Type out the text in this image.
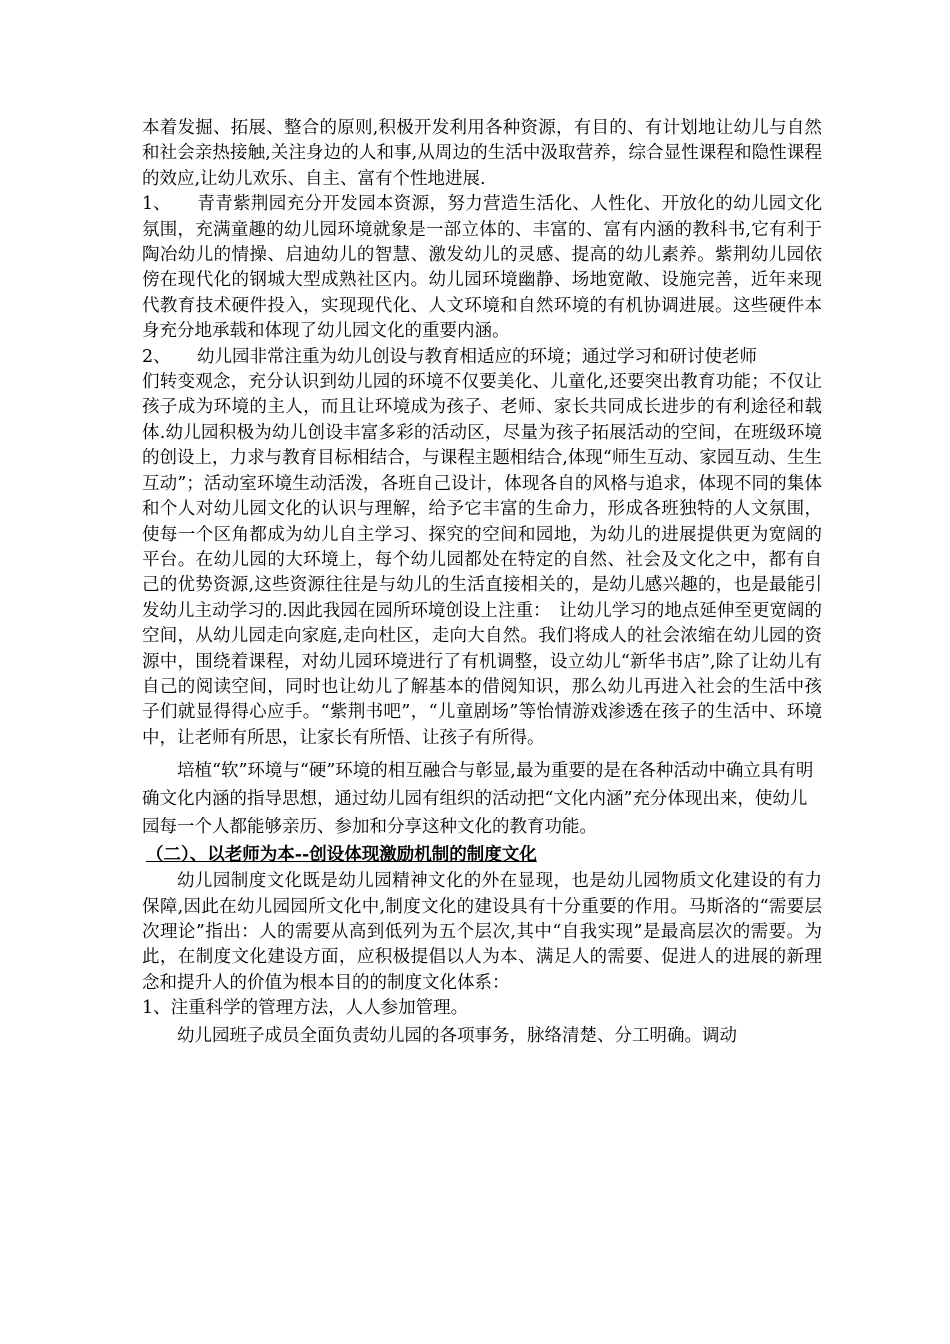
本着发掘、拓展、整合的原则,积极开发利用各种资源，有目的、有计划地让幼儿与自然和社会亲热接触,关注身边的人和事,从周边的生活中汲取营养，综合显性课程和隐性课程的效应,让幼儿欢乐、自主、富有个性地进展.

1、 青青紫荆园充分开发园本资源，努力营造生活化、人性化、开放化的幼儿园文化氛围，充满童趣的幼儿园环境就象是一部立体的、丰富的、富有内涵的教科书,它有利于陶冶幼儿的情操、启迪幼儿的智慧、激发幼儿的灵感、提高的幼儿素养。紫荆幼儿园依傍在现代化的钢城大型成熟社区内。幼儿园环境幽静、场地宽敞、设施完善，近年来现代教育技术硬件投入，实现现代化、人文环境和自然环境的有机协调进展。这些硬件本身充分地承载和体现了幼儿园文化的重要内涵。

2、 幼儿园非常注重为幼儿创设与教育相适应的环境；通过学习和研讨使老师

们转变观念，充分认识到幼儿园的环境不仅要美化、儿童化,还要突出教育功能；不仅让孩子成为环境的主人，而且让环境成为孩子、老师、家长共同成长进步的有利途径和载体.幼儿园积极为幼儿创设丰富多彩的活动区，尽量为孩子拓展活动的空间，在班级环境的创设上，力求与教育目标相结合，与课程主题相结合,体现“师生互动、家园互动、生生互动”；活动室环境生动活泼，各班自己设计，体现各自的风格与追求，体现不同的集体和个人对幼儿园文化的认识与理解，给予它丰富的生命力，形成各班独特的人文氛围，使每一个区角都成为幼儿自主学习、探究的空间和园地，为幼儿的进展提供更为宽阔的平台。在幼儿园的大环境上，每个幼儿园都处在特定的自然、社会及文化之中，都有自己的优势资源,这些资源往往是与幼儿的生活直接相关的，是幼儿感兴趣的，也是最能引发幼儿主动学习的.因此我园在园所环境创设上注重：　让幼儿学习的地点延伸至更宽阔的空间，从幼儿园走向家庭,走向杜区，走向大自然。我们将成人的社会浓缩在幼儿园的资源中，围绕着课程，对幼儿园环境进行了有机调整，设立幼儿“新华书店”,除了让幼儿有自己的阅读空间，同时也让幼儿了解基本的借阅知识，那么幼儿再进入社会的生活中孩子们就显得得心应手。“紫荆书吧”，“儿童剧场”等怡情游戏渗透在孩子的生活中、环境中，让老师有所思，让家长有所悟、让孩子有所得。

培植“软”环境与“硬”环境的相互融合与彰显,最为重要的是在各种活动中确立具有明确文化内涵的指导思想，通过幼儿园有组织的活动把“文化内涵”充分体现出来，使幼儿园每一个人都能够亲历、参加和分享这种文化的教育功能。

（二）、以老师为本--创设体现激励机制的制度文化

幼儿园制度文化既是幼儿园精神文化的外在显现，也是幼儿园物质文化建设的有力保障,因此在幼儿园园所文化中,制度文化的建设具有十分重要的作用。马斯洛的“需要层次理论”指出：人的需要从高到低列为五个层次,其中“自我实现”是最高层次的需要。为此，在制度文化建设方面，应积极提倡以人为本、满足人的需要、促进人的进展的新理念和提升人的价值为根本目的的制度文化体系：

1、注重科学的管理方法，人人参加管理。

幼儿园班子成员全面负责幼儿园的各项事务，脉络清楚、分工明确。调动
